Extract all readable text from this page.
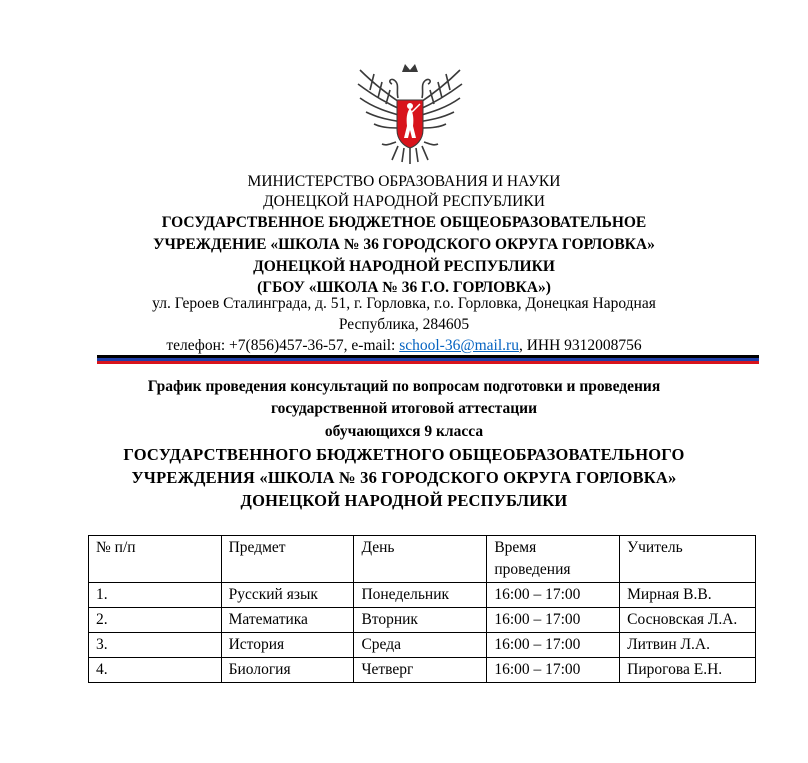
МИНИСТЕРСТВО ОБРАЗОВАНИЯ И НАУКИ
ДОНЕЦКОЙ НАРОДНОЙ РЕСПУБЛИКИ
ГОСУДАРСТВЕННОЕ БЮДЖЕТНОЕ ОБЩЕОБРАЗОВАТЕЛЬНОЕ
УЧРЕЖДЕНИЕ «ШКОЛА № 36 ГОРОДСКОГО ОКРУГА ГОРЛОВКА»
ДОНЕЦКОЙ НАРОДНОЙ РЕСПУБЛИКИ
(ГБОУ «ШКОЛА № 36 Г.О. ГОРЛОВКА»)
ул. Героев Сталинграда, д. 51, г. Горловка, г.о. Горловка, Донецкая Народная
Республика, 284605
телефон: +7(856)457-36-57, e-mail: school-36@mail.ru, ИНН 9312008756
График проведения консультаций по вопросам подготовки и проведения
государственной итоговой аттестации
обучающихся 9 класса
ГОСУДАРСТВЕННОГО БЮДЖЕТНОГО ОБЩЕОБРАЗОВАТЕЛЬНОГО
УЧРЕЖДЕНИЯ «ШКОЛА № 36 ГОРОДСКОГО ОКРУГА ГОРЛОВКА»
ДОНЕЦКОЙ НАРОДНОЙ РЕСПУБЛИКИ
№ п/п	Предмет	День	Время проведения	Учитель
1.	Русский язык	Понедельник	16:00 – 17:00	Мирная В.В.
2.	Математика	Вторник	16:00 – 17:00	Сосновская Л.А.
3.	История	Среда	16:00 – 17:00	Литвин Л.А.
4.	Биология	Четверг	16:00 – 17:00	Пирогова Е.Н.
